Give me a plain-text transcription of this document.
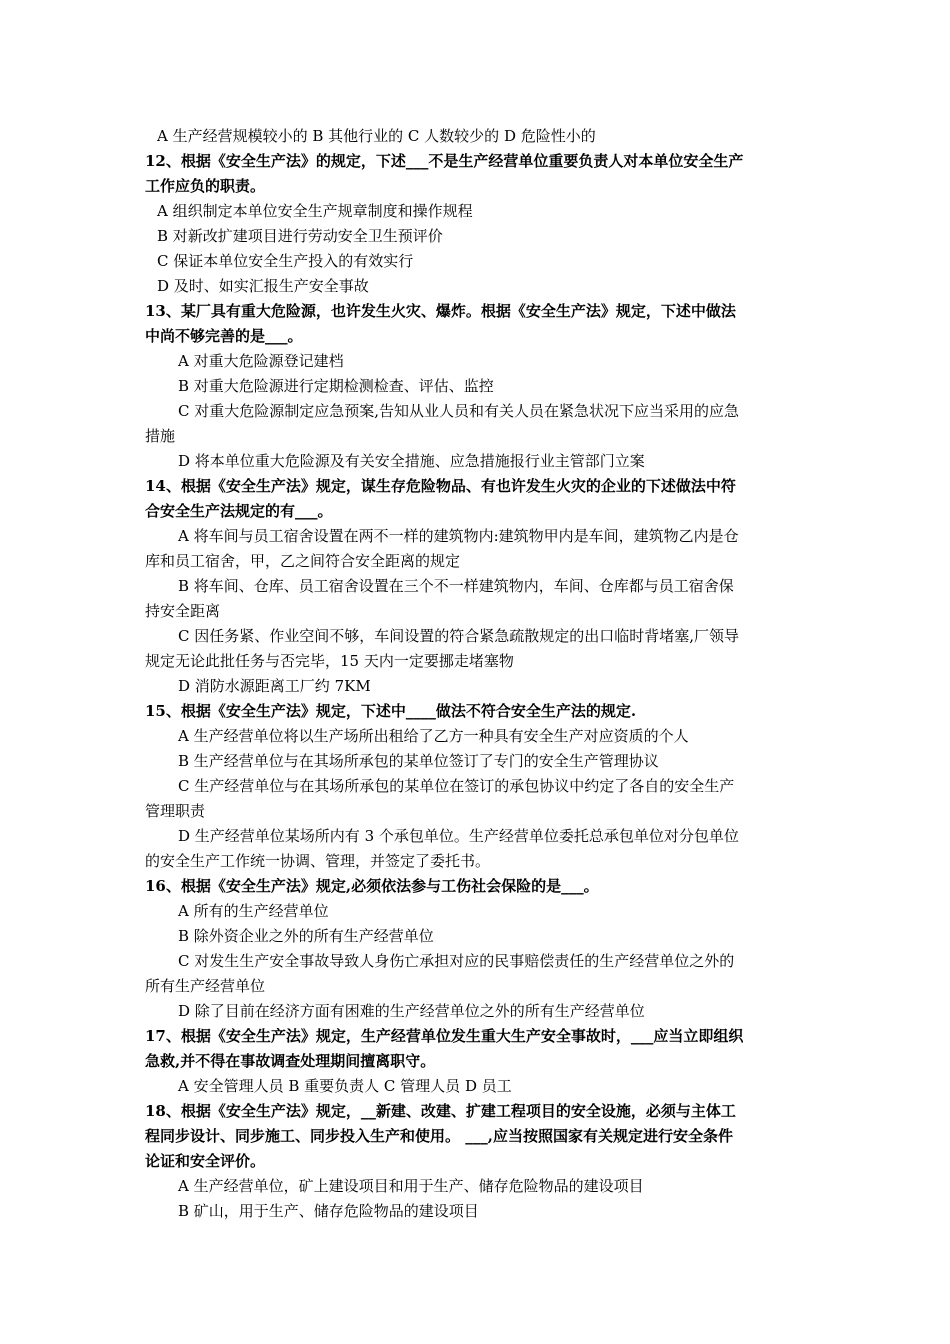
A 生产经营规模较小的 B 其他行业的 C 人数较少的 D 危险性小的
12、根据《安全生产法》的规定，下述___不是生产经营单位重要负责人对本单位安全生产
工作应负的职责。
A 组织制定本单位安全生产规章制度和操作规程
B 对新改扩建项目进行劳动安全卫生预评价
C 保证本单位安全生产投入的有效实行
D 及时、如实汇报生产安全事故
13、某厂具有重大危险源，也许发生火灾、爆炸。根据《安全生产法》规定，下述中做法
中尚不够完善的是___。
A 对重大危险源登记建档
B 对重大危险源进行定期检测检查、评估、监控
C 对重大危险源制定应急预案,告知从业人员和有关人员在紧急状况下应当采用的应急
措施
D 将本单位重大危险源及有关安全措施、应急措施报行业主管部门立案
14、根据《安全生产法》规定，谋生存危险物品、有也许发生火灾的企业的下述做法中符
合安全生产法规定的有___。
A 将车间与员工宿舍设置在两不一样的建筑物内:建筑物甲内是车间，建筑物乙内是仓
库和员工宿舍，甲，乙之间符合安全距离的规定
B 将车间、仓库、员工宿舍设置在三个不一样建筑物内，车间、仓库都与员工宿舍保
持安全距离
C 因任务紧、作业空间不够，车间设置的符合紧急疏散规定的出口临时背堵塞,厂领导
规定无论此批任务与否完毕，15 天内一定要挪走堵塞物
D 消防水源距离工厂约 7KM
15、根据《安全生产法》规定，下述中____做法不符合安全生产法的规定.
A 生产经营单位将以生产场所出租给了乙方一种具有安全生产对应资质的个人
B 生产经营单位与在其场所承包的某单位签订了专门的安全生产管理协议
C 生产经营单位与在其场所承包的某单位在签订的承包协议中约定了各自的安全生产
管理职责
D 生产经营单位某场所内有 3 个承包单位。生产经营单位委托总承包单位对分包单位
的安全生产工作统一协调、管理，并签定了委托书。
16、根据《安全生产法》规定,必须依法参与工伤社会保险的是___。
A 所有的生产经营单位
B 除外资企业之外的所有生产经营单位
C 对发生生产安全事故导致人身伤亡承担对应的民事赔偿责任的生产经营单位之外的
所有生产经营单位
D 除了目前在经济方面有困难的生产经营单位之外的所有生产经营单位
17、根据《安全生产法》规定，生产经营单位发生重大生产安全事故时，___应当立即组织
急救,并不得在事故调查处理期间擅离职守。
A 安全管理人员 B 重要负责人 C 管理人员 D 员工
18、根据《安全生产法》规定，__新建、改建、扩建工程项目的安全设施，必须与主体工
程同步设计、同步施工、同步投入生产和使用。 ___,应当按照国家有关规定进行安全条件
论证和安全评价。
A 生产经营单位，矿上建设项目和用于生产、储存危险物品的建设项目
B 矿山，用于生产、储存危险物品的建设项目
